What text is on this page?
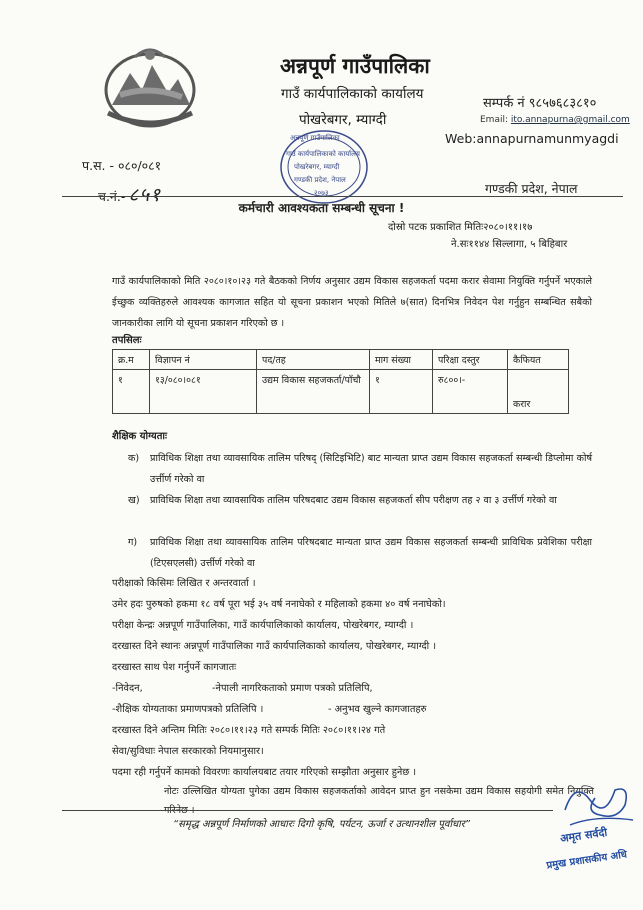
अन्नपूर्ण गाउँपालिका
गाउँ कार्यपालिकाको कार्यालय
पोखरेबगर, म्याग्दी
सम्पर्क नं ९८५७६८३८१०
Email: ito.annapurna@gmail.com
Web:annapurnamunmyagdi
अन्नपूर्ण गाउँपालिका
गाउँ कार्यपालिकाको कार्यालय
पोखरेबगर, म्याग्दी
गण्डकी प्रदेश, नेपाल
२०७३
प.स. - ०८०/०८१
च.नं.- ८५१	गण्डकी प्रदेश, नेपाल
कर्मचारी आवश्यकता सम्बन्धी सूचना !
दोस्रो पटक प्रकाशित मितिः२०८०।११।१७
ने.सः११४४ सिल्लागा, ५ बिहिबार
गाउँ कार्यपालिकाको मिति २०८०।१०।२३ गते बैठकको निर्णय अनुसार उद्यम विकास सहजकर्ता पदमा करार सेवामा नियुक्ति गर्नुपर्ने भएकाले ईच्छुक व्यक्तिहरुले आवश्यक कागजात सहित यो सूचना प्रकाशन भएको मितिले ७(सात) दिनभित्र निवेदन पेश गर्नुहुन सम्बन्धित सबैको जानकारीका लागि यो सूचना प्रकाशन गरिएको छ ।
तपसिलः
क्र.म	विज्ञापन नं	पद/तह	माग संख्या	परिक्षा दस्तुर	कैफियत
१	१३/०८०।०८१	उद्यम विकास सहजकर्ता/पाँचौ	१	रु८००।-	करार
शैक्षिक योग्यताः
क) प्राविधिक शिक्षा तथा व्यावसायिक तालिम परिषद् (सिटिइभिटि) बाट मान्यता प्राप्त उद्यम विकास सहजकर्ता सम्बन्धी डिप्लोमा कोर्ष उर्त्तीर्ण गरेको वा
ख) प्राविधिक शिक्षा तथा व्यावसायिक तालिम परिषदबाट उद्यम विकास सहजकर्ता सीप परीक्षण तह २ वा ३ उर्त्तीर्ण गरेको वा
ग) प्राविधिक शिक्षा तथा व्यावसायिक तालिम परिषदबाट मान्यता प्राप्त उद्यम विकास सहजकर्ता सम्बन्धी प्राविधिक प्रवेशिका परीक्षा (टिएसएलसी) उर्त्तीर्ण गरेको वा
परीक्षाको किसिमः लिखित र अन्तरवार्ता ।
उमेर हदः पुरुषको हकमा १८ वर्ष पूरा भई ३५ वर्ष ननाघेको र महिलाको हकमा ४० वर्ष ननाघेको।
परीक्षा केन्द्रः अन्नपूर्ण गाउँपालिका, गाउँ कार्यपालिकाको कार्यालय, पोखरेबगर, म्याग्दी ।
दरखास्त दिने स्थानः अन्नपूर्ण गाउँपालिका गाउँ कार्यपालिकाको कार्यालय, पोखरेबगर, म्याग्दी ।
दरखास्त साथ पेश गर्नुपर्ने कागजातः
-निवेदन,	-नेपाली नागरिकताको प्रमाण पत्रको प्रतिलिपि,
-शैक्षिक योग्यताका प्रमाणपत्रको प्रतिलिपि ।	- अनुभव खुल्ने कागजातहरु
दरखास्त दिने अन्तिम मितिः २०८०।११।२३ गते सम्पर्क मितिः २०८०।११।२४ गते
सेवा/सुविधाः नेपाल सरकारको नियमानुसार।
पदमा रही गर्नुपर्ने कामको विवरणः कार्यालयबाट तयार गरिएको सम्झौता अनुसार हुनेछ ।
नोटः उल्लिखित योग्यता पुगेका उद्यम विकास सहजकर्ताको आवेदन प्राप्त हुन नसकेमा उद्यम विकास सहयोगी समेत नियुक्ति गरिनेछ ।
“समृद्ध अन्नपूर्ण निर्माणको आधारः दिगो कृषि, पर्यटन, ऊर्जा र उत्थानशील पूर्वाधार”
अमृत सर्वदी
प्रमुख प्रशासकीय अधि
